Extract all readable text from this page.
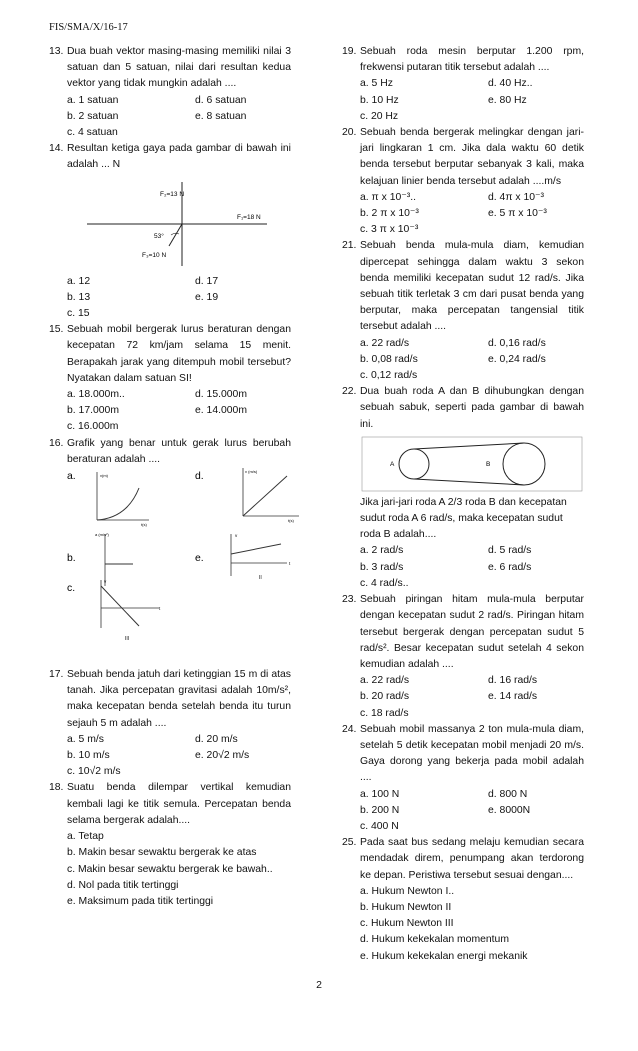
FIS/SMA/X/16-17
13. Dua buah vektor masing-masing memiliki nilai 3 satuan dan 5 satuan, nilai dari resultan kedua vektor yang tidak mungkin adalah ....
a. 1 satuan	d. 6 satuan
b. 2 satuan	e. 8 satuan
c. 4 satuan
14. Resultan ketiga gaya pada gambar di bawah ini adalah ... N
F₂=13 N
F₁=18 N
53°
F₃=10 N
a. 12	d. 17
b. 13	e. 19
c. 15
15. Sebuah mobil bergerak lurus beraturan dengan kecepatan 72 km/jam selama 15 menit. Berapakah jarak yang ditempuh mobil tersebut? Nyatakan dalam satuan SI!
a. 18.000m..	d. 15.000m
b. 17.000m	e. 14.000m
c. 16.000m
16. Grafik yang benar untuk gerak lurus berubah beraturan adalah ....
a.	v(m)
t(s)
d.	v (m/s)
t(s)
b.
a (m/s²)
e.
v
t
II
c.
v
t
III
17. Sebuah benda jatuh dari ketinggian 15 m di atas tanah. Jika percepatan gravitasi adalah 10m/s², maka kecepatan benda setelah benda itu turun sejauh 5 m adalah ....
a. 5 m/s	d. 20 m/s
b. 10 m/s	e. 20√2 m/s
c. 10√2 m/s
18. Suatu benda dilempar vertikal kemudian kembali lagi ke titik semula. Percepatan benda selama bergerak adalah....
a. Tetap
b. Makin besar sewaktu bergerak ke atas
c. Makin besar sewaktu bergerak ke bawah..
d. Nol pada titik tertinggi
e. Maksimum pada titik tertinggi
19. Sebuah roda mesin berputar 1.200 rpm, frekwensi putaran titik tersebut adalah ....
a. 5 Hz	d. 40 Hz..
b. 10 Hz	e. 80 Hz
c. 20 Hz
20. Sebuah benda bergerak melingkar dengan jari-jari lingkaran 1 cm. Jika dala waktu 60 detik benda tersebut berputar sebanyak 3 kali, maka kelajuan linier benda tersebut adalah ....m/s
a. π x 10⁻³..	d. 4π x 10⁻³
b. 2 π x 10⁻³	e. 5 π x 10⁻³
c. 3 π x 10⁻³
21. Sebuah benda mula-mula diam, kemudian dipercepat sehingga dalam waktu 3 sekon benda memiliki kecepatan sudut 12 rad/s. Jika sebuah titik terletak 3 cm dari pusat benda yang berputar, maka percepatan tangensial titik tersebut adalah ....
a. 22 rad/s	d. 0,16 rad/s
b. 0,08 rad/s	e. 0,24 rad/s
c. 0,12 rad/s
22. Dua buah roda A dan B dihubungkan dengan sebuah sabuk, seperti pada gambar di bawah ini.
A	B
Jika jari-jari roda A 2/3 roda B dan kecepatan sudut roda A 6 rad/s, maka kecepatan sudut roda B adalah....
a. 2 rad/s	d. 5 rad/s
b. 3 rad/s	e. 6 rad/s
c. 4 rad/s..
23. Sebuah piringan hitam mula-mula berputar dengan kecepatan sudut 2 rad/s. Piringan hitam tersebut bergerak dengan percepatan sudut 5 rad/s². Besar kecepatan sudut setelah 4 sekon kemudian adalah ....
a. 22 rad/s	d. 16 rad/s
b. 20 rad/s	e. 14 rad/s
c. 18 rad/s
24. Sebuah mobil massanya 2 ton mula-mula diam, setelah 5 detik kecepatan mobil menjadi 20 m/s. Gaya dorong yang bekerja pada mobil adalah ....
a. 100 N	d. 800 N
b. 200 N	e. 8000N
c. 400 N
25. Pada saat bus sedang melaju kemudian secara mendadak direm, penumpang akan terdorong ke depan. Peristiwa tersebut sesuai dengan....
a. Hukum Newton I..
b. Hukum Newton II
c. Hukum Newton III
d. Hukum kekekalan momentum
e. Hukum kekekalan energi mekanik
2
